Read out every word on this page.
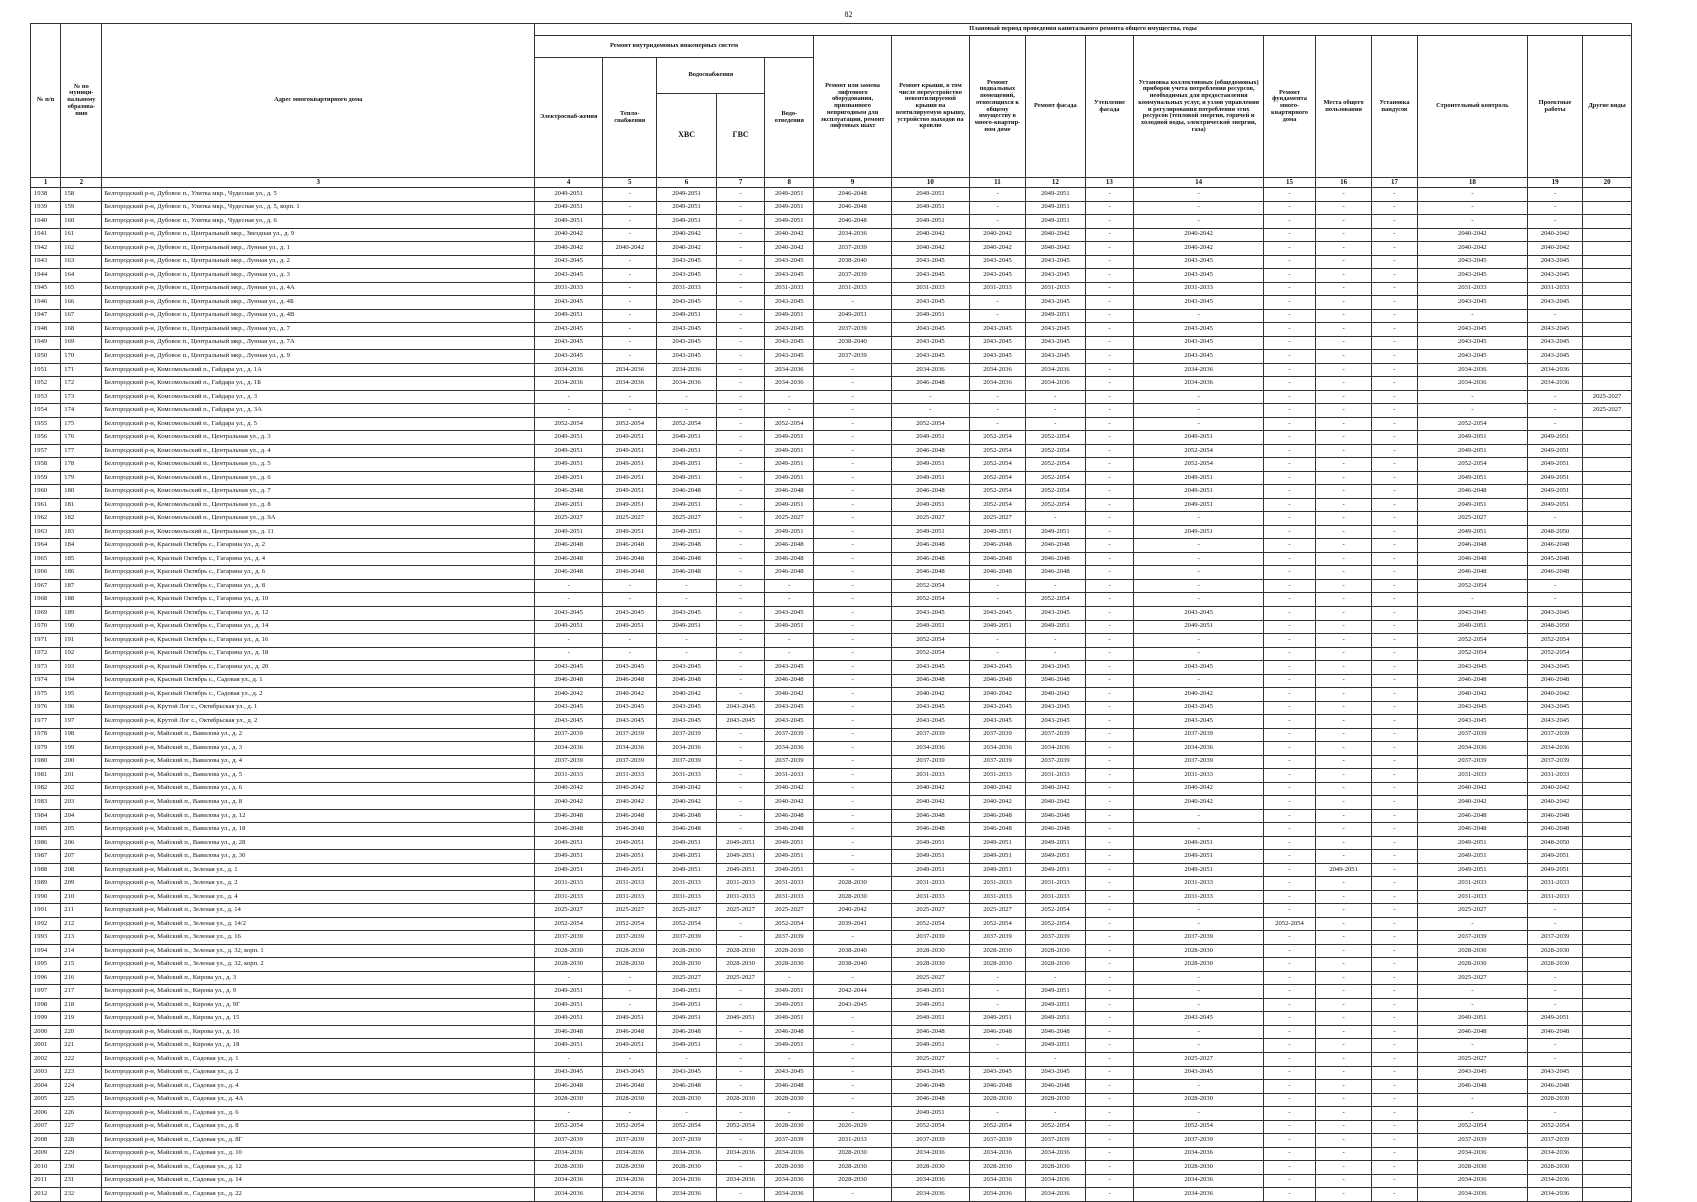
82
№ п/п	№ по муници-пальному образова-нию	Адрес многоквартирного дома	Плановый период проведения капитального ремонта общего имущества, годы																
			Ремонт внутридомовых инженерных систем					Ремонт или замена лифтового оборудования, признанного непригодным для эксплуатации, ремонт лифтовых шахт	Ремонт крыши, в том числе переустройство невентилируемой крыши на вентилируемую крышу, устройство выходов на кровлю	Ремонт подвальных помещений, относящихся к общему имуществу в много-квартир-ном доме	Ремонт фасада	Утепление фасада	Установка коллективных (общедомовых) приборов учета потребления ресурсов, необходимых для предоставления коммунальных услуг, и узлов управления и регулирования потребления этих ресурсов (тепловой энергии, горячей и холодной воды, электрической энергии, газа)	Ремонт фундамента много-квартирного дома	Места общего пользования	Установка пандусов	Строительный контроль	Проектные работы	Другие виды
			Электроснаб-жения	Тепло-снабжения	Водоснабжения		Водо-отведения												
					ХВС	ГВС													
1	2	3	4	5	6	7	8	9	10	11	12	13	14	15	16	17	18	19	20
1938	158	Белгородский р-н, Дубовое п., Улитка мкр., Чудесная ул., д. 5	2049-2051	-	2049-2051	-	2049-2051	2046-2048	2049-2051	-	2049-2051	-	-	-	-	-	-	-	
1939	159	Белгородский р-н, Дубовое п., Улитка мкр., Чудесная ул., д. 5, корп. 1	2049-2051	-	2049-2051	-	2049-2051	2046-2048	2049-2051	-	2049-2051	-	-	-	-	-	-	-	
1940	160	Белгородский р-н, Дубовое п., Улитка мкр., Чудесная ул., д. 6	2049-2051	-	2049-2051	-	2049-2051	2046-2048	2049-2051	-	2049-2051	-	-	-	-	-	-	-	
1941	161	Белгородский р-н, Дубовое п., Центральный мкр., Звездная ул., д. 9	2040-2042	-	2040-2042	-	2040-2042	2034-2036	2040-2042	2040-2042	2040-2042	-	2040-2042	-	-	-	2040-2042	2040-2042	
1942	162	Белгородский р-н, Дубовое п., Центральный мкр., Лунная ул., д. 1	2040-2042	2040-2042	2040-2042	-	2040-2042	2037-2039	2040-2042	2040-2042	2040-2042	-	2040-2042	-	-	-	2040-2042	2040-2042	
1943	163	Белгородский р-н, Дубовое п., Центральный мкр., Лунная ул., д. 2	2043-2045	-	2043-2045	-	2043-2045	2038-2040	2043-2045	2043-2045	2043-2045	-	2043-2045	-	-	-	2043-2045	2043-2045	
1944	164	Белгородский р-н, Дубовое п., Центральный мкр., Лунная ул., д. 3	2043-2045	-	2043-2045	-	2043-2045	2037-2039	2043-2045	2043-2045	2043-2045	-	2043-2045	-	-	-	2043-2045	2043-2045	
1945	165	Белгородский р-н, Дубовое п., Центральный мкр., Лунная ул., д. 4А	2031-2033	-	2031-2033	-	2031-2033	2031-2033	2031-2033	2031-2033	2031-2033	-	2031-2033	-	-	-	2031-2033	2031-2033	
1946	166	Белгородский р-н, Дубовое п., Центральный мкр., Лунная ул., д. 4Б	2043-2045	-	2043-2045	-	2043-2045	-	2043-2045	-	2043-2045	-	2043-2045	-	-	-	2043-2045	2043-2045	
1947	167	Белгородский р-н, Дубовое п., Центральный мкр., Лунная ул., д. 4В	2049-2051	-	2049-2051	-	2049-2051	2049-2051	2049-2051	-	2049-2051	-	-	-	-	-	-	-	
1948	168	Белгородский р-н, Дубовое п., Центральный мкр., Лунная ул., д. 7	2043-2045	-	2043-2045	-	2043-2045	2037-2039	2043-2045	2043-2045	2043-2045	-	2043-2045	-	-	-	2043-2045	2043-2045	
1949	169	Белгородский р-н, Дубовое п., Центральный мкр., Лунная ул., д. 7А	2043-2045	-	2043-2045	-	2043-2045	2038-2040	2043-2045	2043-2045	2043-2045	-	2043-2045	-	-	-	2043-2045	2043-2045	
1950	170	Белгородский р-н, Дубовое п., Центральный мкр., Лунная ул., д. 9	2043-2045	-	2043-2045	-	2043-2045	2037-2039	2043-2045	2043-2045	2043-2045	-	2043-2045	-	-	-	2043-2045	2043-2045	
1951	171	Белгородский р-н, Комсомольский п., Гайдара ул., д. 1А	2034-2036	2034-2036	2034-2036	-	2034-2036	-	2034-2036	2034-2036	2034-2036	-	2034-2036	-	-	-	2034-2036	2034-2036	
1952	172	Белгородский р-н, Комсомольский п., Гайдара ул., д. 1Б	2034-2036	2034-2036	2034-2036	-	2034-2036	-	2046-2048	2034-2036	2034-2036	-	2034-2036	-	-	-	2034-2036	2034-2036	
1953	173	Белгородский р-н, Комсомольский п., Гайдара ул., д. 3	-	-	-	-	-	-	-	-	-	-	-	-	-	-	-	-	2025-2027
1954	174	Белгородский р-н, Комсомольский п., Гайдара ул., д. 3А	-	-	-	-	-	-	-	-	-	-	-	-	-	-	-	-	2025-2027
1955	175	Белгородский р-н, Комсомольский п., Гайдара ул., д. 5	2052-2054	2052-2054	2052-2054	-	2052-2054	-	2052-2054	-	-	-	-	-	-	-	2052-2054	-	
1956	176	Белгородский р-н, Комсомольский п., Центральная ул., д. 3	2049-2051	2049-2051	2049-2051	-	2049-2051	-	2049-2051	2052-2054	2052-2054	-	2049-2051	-	-	-	2049-2051	2049-2051	
1957	177	Белгородский р-н, Комсомольский п., Центральная ул., д. 4	2049-2051	2049-2051	2049-2051	-	2049-2051	-	2046-2048	2052-2054	2052-2054	-	2052-2054	-	-	-	2049-2051	2049-2051	
1958	178	Белгородский р-н, Комсомольский п., Центральная ул., д. 5	2049-2051	2049-2051	2049-2051	-	2049-2051	-	2049-2051	2052-2054	2052-2054	-	2052-2054	-	-	-	2052-2054	2049-2051	
1959	179	Белгородский р-н, Комсомольский п., Центральная ул., д. 6	2049-2051	2049-2051	2049-2051	-	2049-2051	-	2049-2051	2052-2054	2052-2054	-	2049-2051	-	-	-	2049-2051	2049-2051	
1960	180	Белгородский р-н, Комсомольский п., Центральная ул., д. 7	2046-2048	2049-2051	2046-2048	-	2046-2048	-	2046-2048	2052-2054	2052-2054	-	2049-2051	-	-	-	2046-2048	2049-2051	
1961	181	Белгородский р-н, Комсомольский п., Центральная ул., д. 8	2049-2051	2049-2051	2049-2051	-	2049-2051	-	2049-2051	2052-2054	2052-2054	-	2049-2051	-	-	-	2049-2051	2049-2051	
1962	182	Белгородский р-н, Комсомольский п., Центральная ул., д. 9А	2025-2027	2025-2027	2025-2027	-	2025-2027	-	2025-2027	2025-2027	-	-	-	-	-	-	2025-2027	-	
1963	183	Белгородский р-н, Комсомольский п., Центральная ул., д. 11	2049-2051	2049-2051	2049-2051	-	2049-2051	-	2049-2051	2049-2051	2049-2051	-	2049-2051	-	-	-	2049-2051	2048-2050	
1964	184	Белгородский р-н, Красный Октябрь с., Гагарина ул., д. 2	2046-2048	2046-2048	2046-2048	-	2046-2048	-	2046-2048	2046-2048	2046-2048	-	-	-	-	-	2046-2048	2046-2048	
1965	185	Белгородский р-н, Красный Октябрь с., Гагарина ул., д. 4	2046-2048	2046-2048	2046-2048	-	2046-2048	-	2046-2048	2046-2048	2046-2048	-	-	-	-	-	2046-2048	2045-2048	
1966	186	Белгородский р-н, Красный Октябрь с., Гагарина ул., д. 6	2046-2048	2046-2048	2046-2048	-	2046-2048	-	2046-2048	2046-2048	2046-2048	-	-	-	-	-	2046-2048	2046-2048	
1967	187	Белгородский р-н, Красный Октябрь с., Гагарина ул., д. 8	-	-	-	-	-	-	2052-2054	-	-	-	-	-	-	-	2052-2054	-	
1968	188	Белгородский р-н, Красный Октябрь с., Гагарина ул., д. 10	-	-	-	-	-	-	2052-2054	-	2052-2054	-	-	-	-	-	-	-	
1969	189	Белгородский р-н, Красный Октябрь с., Гагарина ул., д. 12	2043-2045	2043-2045	2043-2045	-	2043-2045	-	2043-2045	2043-2045	2043-2045	-	2043-2045	-	-	-	2043-2045	2043-2045	
1970	190	Белгородский р-н, Красный Октябрь с., Гагарина ул., д. 14	2049-2051	2049-2051	2049-2051	-	2049-2051	-	2049-2051	2049-2051	2049-2051	-	2049-2051	-	-	-	2049-2051	2048-2050	
1971	191	Белгородский р-н, Красный Октябрь с., Гагарина ул., д. 16	-	-	-	-	-	-	2052-2054	-	-	-	-	-	-	-	2052-2054	2052-2054	
1972	192	Белгородский р-н, Красный Октябрь с., Гагарина ул., д. 18	-	-	-	-	-	-	2052-2054	-	-	-	-	-	-	-	2052-2054	2052-2054	
1973	193	Белгородский р-н, Красный Октябрь с., Гагарина ул., д. 20	2043-2045	2043-2045	2043-2045	-	2043-2045	-	2043-2045	2043-2045	2043-2045	-	2043-2045	-	-	-	2043-2045	2043-2045	
1974	194	Белгородский р-н, Красный Октябрь с., Садовая ул., д. 1	2046-2048	2046-2048	2046-2048	-	2046-2048	-	2046-2048	2046-2048	2046-2048	-	-	-	-	-	2046-2048	2046-2048	
1975	195	Белгородский р-н, Красный Октябрь с., Садовая ул., д. 2	2040-2042	2040-2042	2040-2042	-	2040-2042	-	2040-2042	2040-2042	2040-2042	-	2040-2042	-	-	-	2040-2042	2040-2042	
1976	196	Белгородский р-н, Крутой Лог с., Октябрьская ул., д. 1	2043-2045	2043-2045	2043-2045	2043-2045	2043-2045	-	2043-2045	2043-2045	2043-2045	-	2043-2045	-	-	-	2043-2045	2043-2045	
1977	197	Белгородский р-н, Крутой Лог с., Октябрьская ул., д. 2	2043-2045	2043-2045	2043-2045	2043-2045	2043-2045	-	2043-2045	2043-2045	2043-2045	-	2043-2045	-	-	-	2043-2045	2043-2045	
1978	198	Белгородский р-н, Майский п., Вавилова ул., д. 2	2037-2039	2037-2039	2037-2039	-	2037-2039	-	2037-2039	2037-2039	2037-2039	-	2037-2039	-	-	-	2037-2039	2037-2039	
1979	199	Белгородский р-н, Майский п., Вавилова ул., д. 3	2034-2036	2034-2036	2034-2036	-	2034-2036	-	2034-2036	2034-2036	2034-2036	-	2034-2036	-	-	-	2034-2036	2034-2036	
1980	200	Белгородский р-н, Майский п., Вавилова ул., д. 4	2037-2039	2037-2039	2037-2039	-	2037-2039	-	2037-2039	2037-2039	2037-2039	-	2037-2039	-	-	-	2037-2039	2037-2039	
1981	201	Белгородский р-н, Майский п., Вавилова ул., д. 5	2031-2033	2031-2033	2031-2033	-	2031-2033	-	2031-2033	2031-2033	2031-2033	-	2031-2033	-	-	-	2031-2033	2031-2033	
1982	202	Белгородский р-н, Майский п., Вавилова ул., д. 6	2040-2042	2040-2042	2040-2042	-	2040-2042	-	2040-2042	2040-2042	2040-2042	-	2040-2042	-	-	-	2040-2042	2040-2042	
1983	203	Белгородский р-н, Майский п., Вавилова ул., д. 8	2040-2042	2040-2042	2040-2042	-	2040-2042	-	2040-2042	2040-2042	2040-2042	-	2040-2042	-	-	-	2040-2042	2040-2042	
1984	204	Белгородский р-н, Майский п., Вавилова ул., д. 12	2046-2048	2046-2048	2046-2048	-	2046-2048	-	2046-2048	2046-2048	2046-2048	-	-	-	-	-	2046-2048	2046-2048	
1985	205	Белгородский р-н, Майский п., Вавилова ул., д. 18	2046-2048	2046-2048	2046-2048	-	2046-2048	-	2046-2048	2046-2048	2046-2048	-	-	-	-	-	2046-2048	2046-2048	
1986	206	Белгородский р-н, Майский п., Вавилова ул., д. 28	2049-2051	2049-2051	2049-2051	2049-2051	2049-2051	-	2049-2051	2049-2051	2049-2051	-	2049-2051	-	-	-	2049-2051	2048-2050	
1987	207	Белгородский р-н, Майский п., Вавилова ул., д. 30	2049-2051	2049-2051	2049-2051	2049-2051	2049-2051	-	2049-2051	2049-2051	2049-2051	-	2049-2051	-	-	-	2049-2051	2049-2051	
1988	208	Белгородский р-н, Майский п., Зеленая ул., д. 1	2049-2051	2049-2051	2049-2051	2049-2051	2049-2051	-	2049-2051	2049-2051	2049-2051	-	2049-2051	-	2049-2051	-	2049-2051	2049-2051	
1989	209	Белгородский р-н, Майский п., Зеленая ул., д. 2	2031-2033	2031-2033	2031-2033	2031-2033	2031-2033	2028-2030	2031-2033	2031-2033	2031-2033	-	2031-2033	-	-	-	2031-2033	2031-2033	
1990	210	Белгородский р-н, Майский п., Зеленая ул., д. 4	2031-2033	2031-2033	2031-2033	2031-2033	2031-2033	2028-2030	2031-2033	2031-2033	2031-2033	-	2031-2033	-	-	-	2031-2033	2031-2033	
1991	211	Белгородский р-н, Майский п., Зеленая ул., д. 14	2025-2027	2025-2027	2025-2027	2025-2027	2025-2027	2040-2042	2025-2027	2025-2027	2052-2054	-	-	-	-	-	2025-2027	-	
1992	212	Белгородский р-н, Майский п., Зеленая ул., д. 14/2	2052-2054	2052-2054	2052-2054	-	2052-2054	2039-2041	2052-2054	2052-2054	2052-2054	-	-	2052-2054	-	-	-	-	
1993	213	Белгородский р-н, Майский п., Зеленая ул., д. 16	2037-2039	2037-2039	2037-2039	-	2037-2039	-	2037-2039	2037-2039	2037-2039	-	2037-2039	-	-	-	2037-2039	2037-2039	
1994	214	Белгородский р-н, Майский п., Зеленая ул., д. 32, корп. 1	2028-2030	2028-2030	2028-2030	2028-2030	2028-2030	2038-2040	2028-2030	2028-2030	2028-2030	-	2028-2030	-	-	-	2028-2030	2028-2030	
1995	215	Белгородский р-н, Майский п., Зеленая ул., д. 32, корп. 2	2028-2030	2028-2030	2028-2030	2028-2030	2028-2030	2038-2040	2028-2030	2028-2030	2028-2030	-	2028-2030	-	-	-	2028-2030	2028-2030	
1996	216	Белгородский р-н, Майский п., Кирова ул., д. 3	-	-	2025-2027	2025-2027	-	-	2025-2027	-	-	-	-	-	-	-	2025-2027	-	
1997	217	Белгородский р-н, Майский п., Кирова ул., д. 9	2049-2051	-	2049-2051	-	2049-2051	2042-2044	2049-2051	-	2049-2051	-	-	-	-	-	-	-	
1998	218	Белгородский р-н, Майский п., Кирова ул., д. 9Г	2049-2051	-	2049-2051	-	2049-2051	2043-2045	2049-2051	-	2049-2051	-	-	-	-	-	-	-	
1999	219	Белгородский р-н, Майский п., Кирова ул., д. 15	2049-2051	2049-2051	2049-2051	2049-2051	2049-2051	-	2049-2051	2049-2051	2049-2051	-	2043-2045	-	-	-	2049-2051	2049-2051	
2000	220	Белгородский р-н, Майский п., Кирова ул., д. 16	2046-2048	2046-2048	2046-2048	-	2046-2048	-	2046-2048	2046-2048	2046-2048	-	-	-	-	-	2046-2048	2046-2048	
2001	221	Белгородский р-н, Майский п., Кирова ул., д. 18	2049-2051	2049-2051	2049-2051	-	2049-2051	-	2049-2051	-	2049-2051	-	-	-	-	-	-	-	
2002	222	Белгородский р-н, Майский п., Садовая ул., д. 1	-	-	-	-	-	-	2025-2027	-	-	-	2025-2027	-	-	-	2025-2027	-	
2003	223	Белгородский р-н, Майский п., Садовая ул., д. 2	2043-2045	2043-2045	2043-2045	-	2043-2045	-	2043-2045	2043-2045	2043-2045	-	2043-2045	-	-	-	2043-2045	2043-2045	
2004	224	Белгородский р-н, Майский п., Садовая ул., д. 4	2046-2048	2046-2048	2046-2048	-	2046-2048	-	2046-2048	2046-2048	2046-2048	-	-	-	-	-	2046-2048	2046-2048	
2005	225	Белгородский р-н, Майский п., Садовая ул., д. 4А	2028-2030	2028-2030	2028-2030	2028-2030	2028-2030	-	2046-2048	2028-2030	2028-2030	-	2028-2030	-	-	-	-	2028-2030	
2006	226	Белгородский р-н, Майский п., Садовая ул., д. 6	-	-	-	-	-	-	2049-2051	-	-	-	-	-	-	-	-	-	
2007	227	Белгородский р-н, Майский п., Садовая ул., д. 8	2052-2054	2052-2054	2052-2054	2052-2054	2028-2030	2026-2029	2052-2054	2052-2054	2052-2054	-	2052-2054	-	-	-	2052-2054	2052-2054	
2008	228	Белгородский р-н, Майский п., Садовая ул., д. 8Г	2037-2039	2037-2039	2037-2039	-	2037-2039	2031-2033	2037-2039	2037-2039	2037-2039	-	2037-2039	-	-	-	2037-2039	2037-2039	
2009	229	Белгородский р-н, Майский п., Садовая ул., д. 10	2034-2036	2034-2036	2034-2036	2034-2036	2034-2036	2028-2030	2034-2036	2034-2036	2034-2036	-	2034-2036	-	-	-	2034-2036	2034-2036	
2010	230	Белгородский р-н, Майский п., Садовая ул., д. 12	2028-2030	2028-2030	2028-2030	-	2028-2030	2028-2030	2028-2030	2028-2030	2028-2030	-	2028-2030	-	-	-	2028-2030	2028-2030	
2011	231	Белгородский р-н, Майский п., Садовая ул., д. 14	2034-2036	2034-2036	2034-2036	2034-2036	2034-2036	2028-2030	2034-2036	2034-2036	2034-2036	-	2034-2036	-	-	-	2034-2036	2034-2036	
2012	232	Белгородский р-н, Майский п., Садовая ул., д. 22	2034-2036	2034-2036	2034-2036	-	2034-2036	-	2034-2036	2034-2036	2034-2036	-	2034-2036	-	-	-	2034-2036	2034-2036	
